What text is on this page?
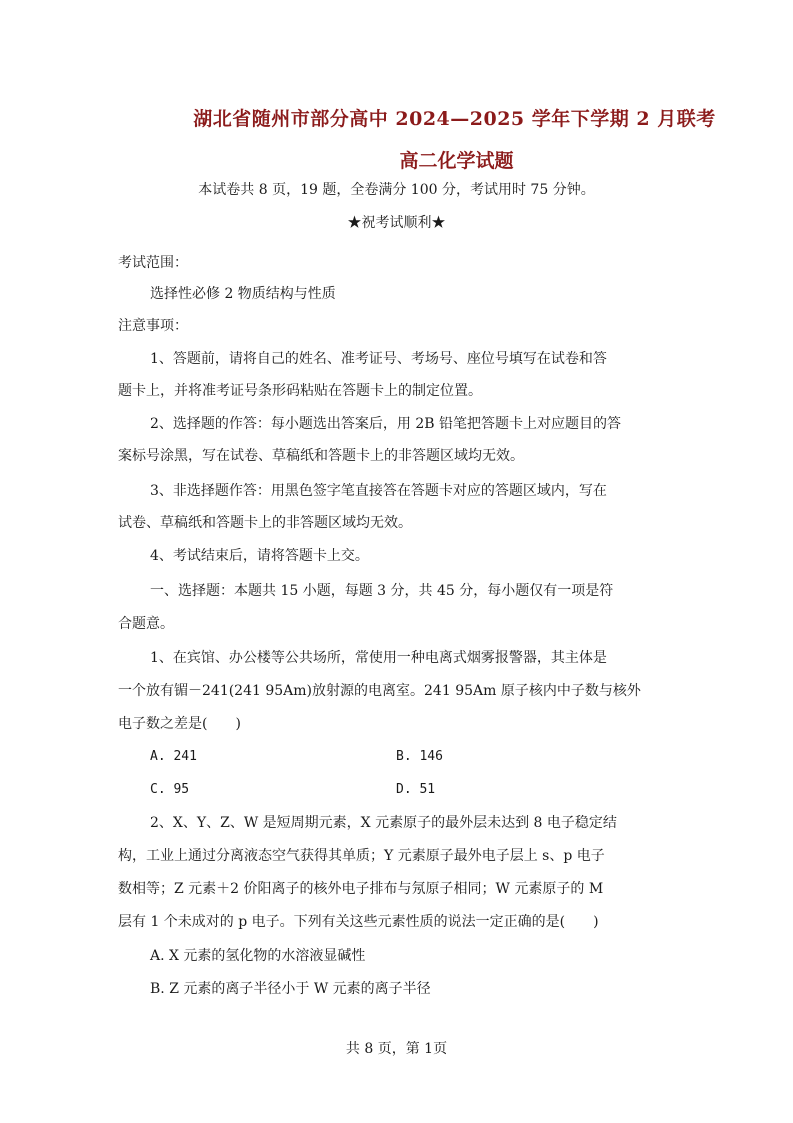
湖北省随州市部分高中 2024—2025 学年下学期 2 月联考
高二化学试题
本试卷共 8 页，19 题，全卷满分 100 分，考试用时 75 分钟。
★祝考试顺利★
考试范围：
选择性必修 2 物质结构与性质
注意事项：
1、答题前，请将自己的姓名、准考证号、考场号、座位号填写在试卷和答
题卡上，并将准考证号条形码粘贴在答题卡上的制定位置。
2、选择题的作答：每小题选出答案后，用 2B 铅笔把答题卡上对应题目的答
案标号涂黑，写在试卷、草稿纸和答题卡上的非答题区域均无效。
3、非选择题作答：用黑色签字笔直接答在答题卡对应的答题区域内，写在
试卷、草稿纸和答题卡上的非答题区域均无效。
4、考试结束后，请将答题卡上交。
一、选择题：本题共 15 小题，每题 3 分，共 45 分，每小题仅有一项是符
合题意。
1、在宾馆、办公楼等公共场所，常使用一种电离式烟雾报警器，其主体是
一个放有镅－241(241 95Am)放射源的电离室。241 95Am 原子核内中子数与核外
电子数之差是(　　)
A. 241	B. 146
C. 95	D. 51
2、X、Y、Z、W 是短周期元素，X 元素原子的最外层未达到 8 电子稳定结
构，工业上通过分离液态空气获得其单质；Y 元素原子最外电子层上 s、p 电子
数相等；Z 元素＋2 价阳离子的核外电子排布与氖原子相同；W 元素原子的 M
层有 1 个未成对的 p 电子。下列有关这些元素性质的说法一定正确的是(　　)
A. X 元素的氢化物的水溶液显碱性
B. Z 元素的离子半径小于 W 元素的离子半径
共 8 页，第 1页
